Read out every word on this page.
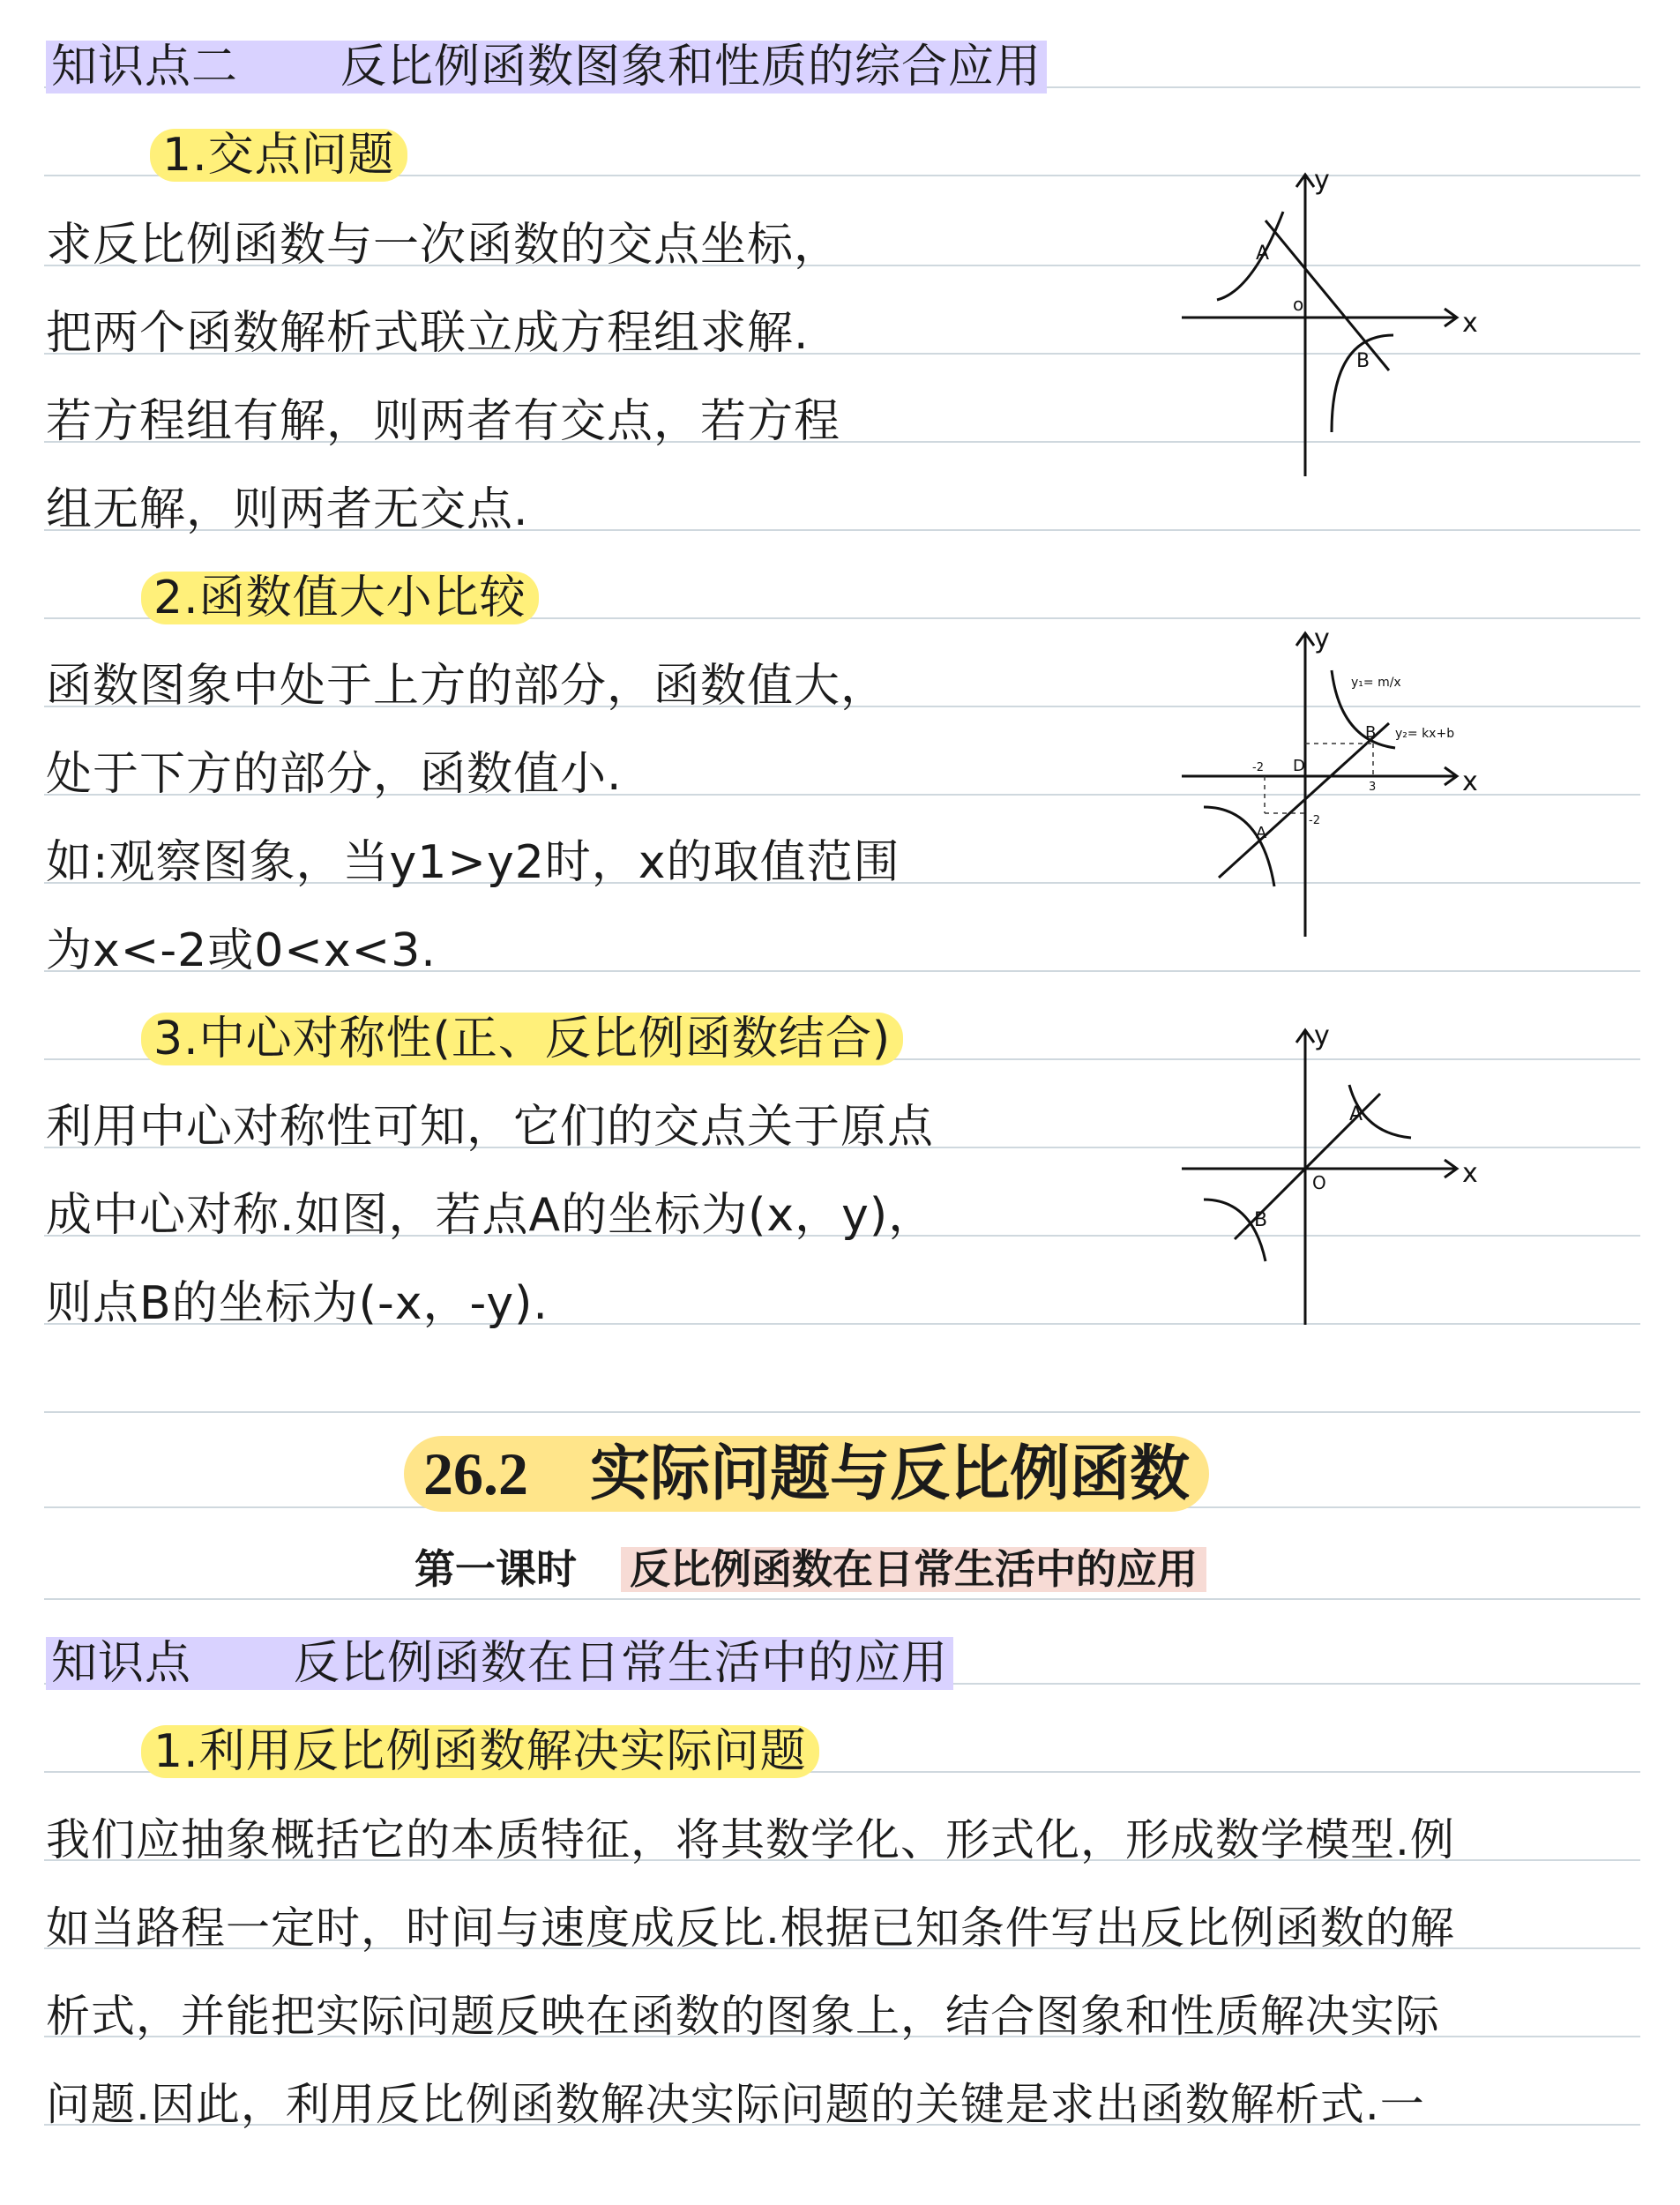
知识点二 反比例函数图象和性质的综合应用
1.交点问题
求反比例函数与一次函数的交点坐标，
把两个函数解析式联立成方程组求解.
若方程组有解，则两者有交点，若方程
组无解，则两者无交点.
2.函数值大小比较
函数图象中处于上方的部分，函数值大，
处于下方的部分，函数值小.
如:观察图象，当y1>y2时，x的取值范围
为x<-2或0<x<3.
3.中心对称性(正、反比例函数结合)
利用中心对称性可知，它们的交点关于原点
成中心对称.如图，若点A的坐标为(x，y)，
则点B的坐标为(-x，-y).
y
x
o
A
B
y
x
D
y₁= m/x
y₂= kx+b
-2
3
-2
A
B
y
x
O
A
B
26.2 实际问题与反比例函数
第一课时 反比例函数在日常生活中的应用
知识点 反比例函数在日常生活中的应用
1.利用反比例函数解决实际问题
我们应抽象概括它的本质特征，将其数学化、形式化，形成数学模型.例
如当路程一定时，时间与速度成反比.根据已知条件写出反比例函数的解
析式，并能把实际问题反映在函数的图象上，结合图象和性质解决实际
问题.因此，利用反比例函数解决实际问题的关键是求出函数解析式.一
